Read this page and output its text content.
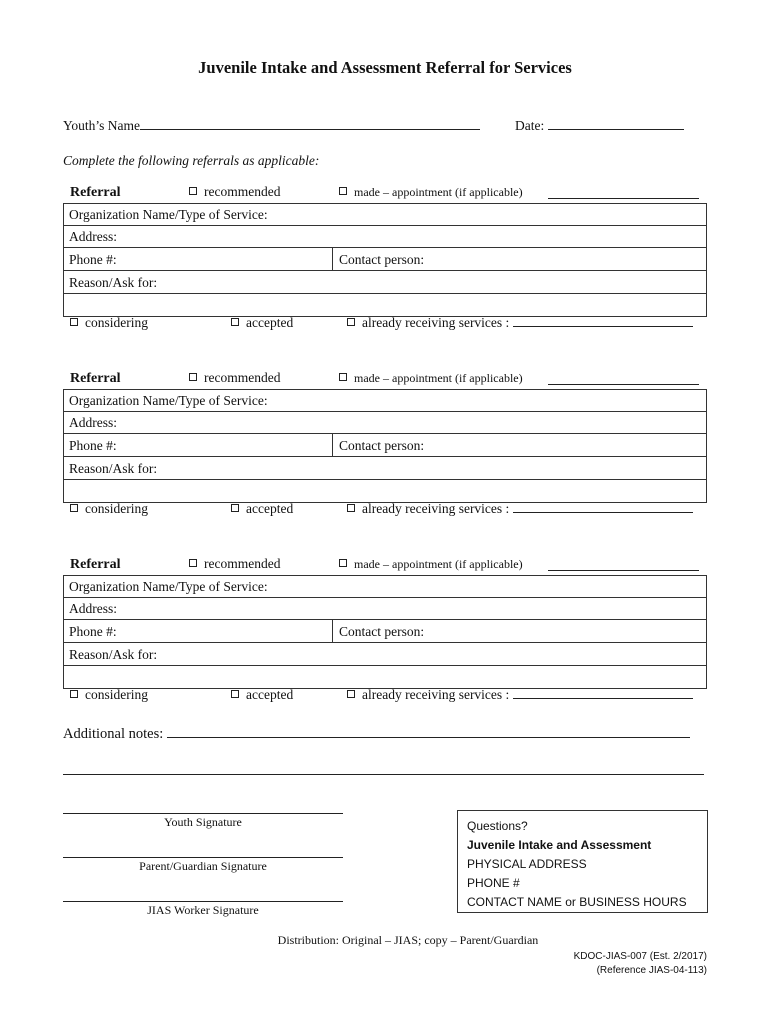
Juvenile Intake and Assessment Referral for Services
Youth’s Name	Date:
Complete the following referrals as applicable:
Referral	recommended	made – appointment (if applicable)
Organization Name/Type of Service:
Address:
Phone #:	Contact person:
Reason/Ask for:
considering	accepted	already receiving services :
Referral	recommended	made – appointment (if applicable)
Organization Name/Type of Service:
Address:
Phone #:	Contact person:
Reason/Ask for:
considering	accepted	already receiving services :
Referral	recommended	made – appointment (if applicable)
Organization Name/Type of Service:
Address:
Phone #:	Contact person:
Reason/Ask for:
considering	accepted	already receiving services :
Additional notes:
Youth Signature
Parent/Guardian Signature
JIAS Worker Signature
Questions?
Juvenile Intake and Assessment
PHYSICAL ADDRESS
PHONE #
CONTACT NAME or BUSINESS HOURS
Distribution: Original – JIAS; copy – Parent/Guardian
KDOC-JIAS-007 (Est. 2/2017)
(Reference JIAS-04-113)
